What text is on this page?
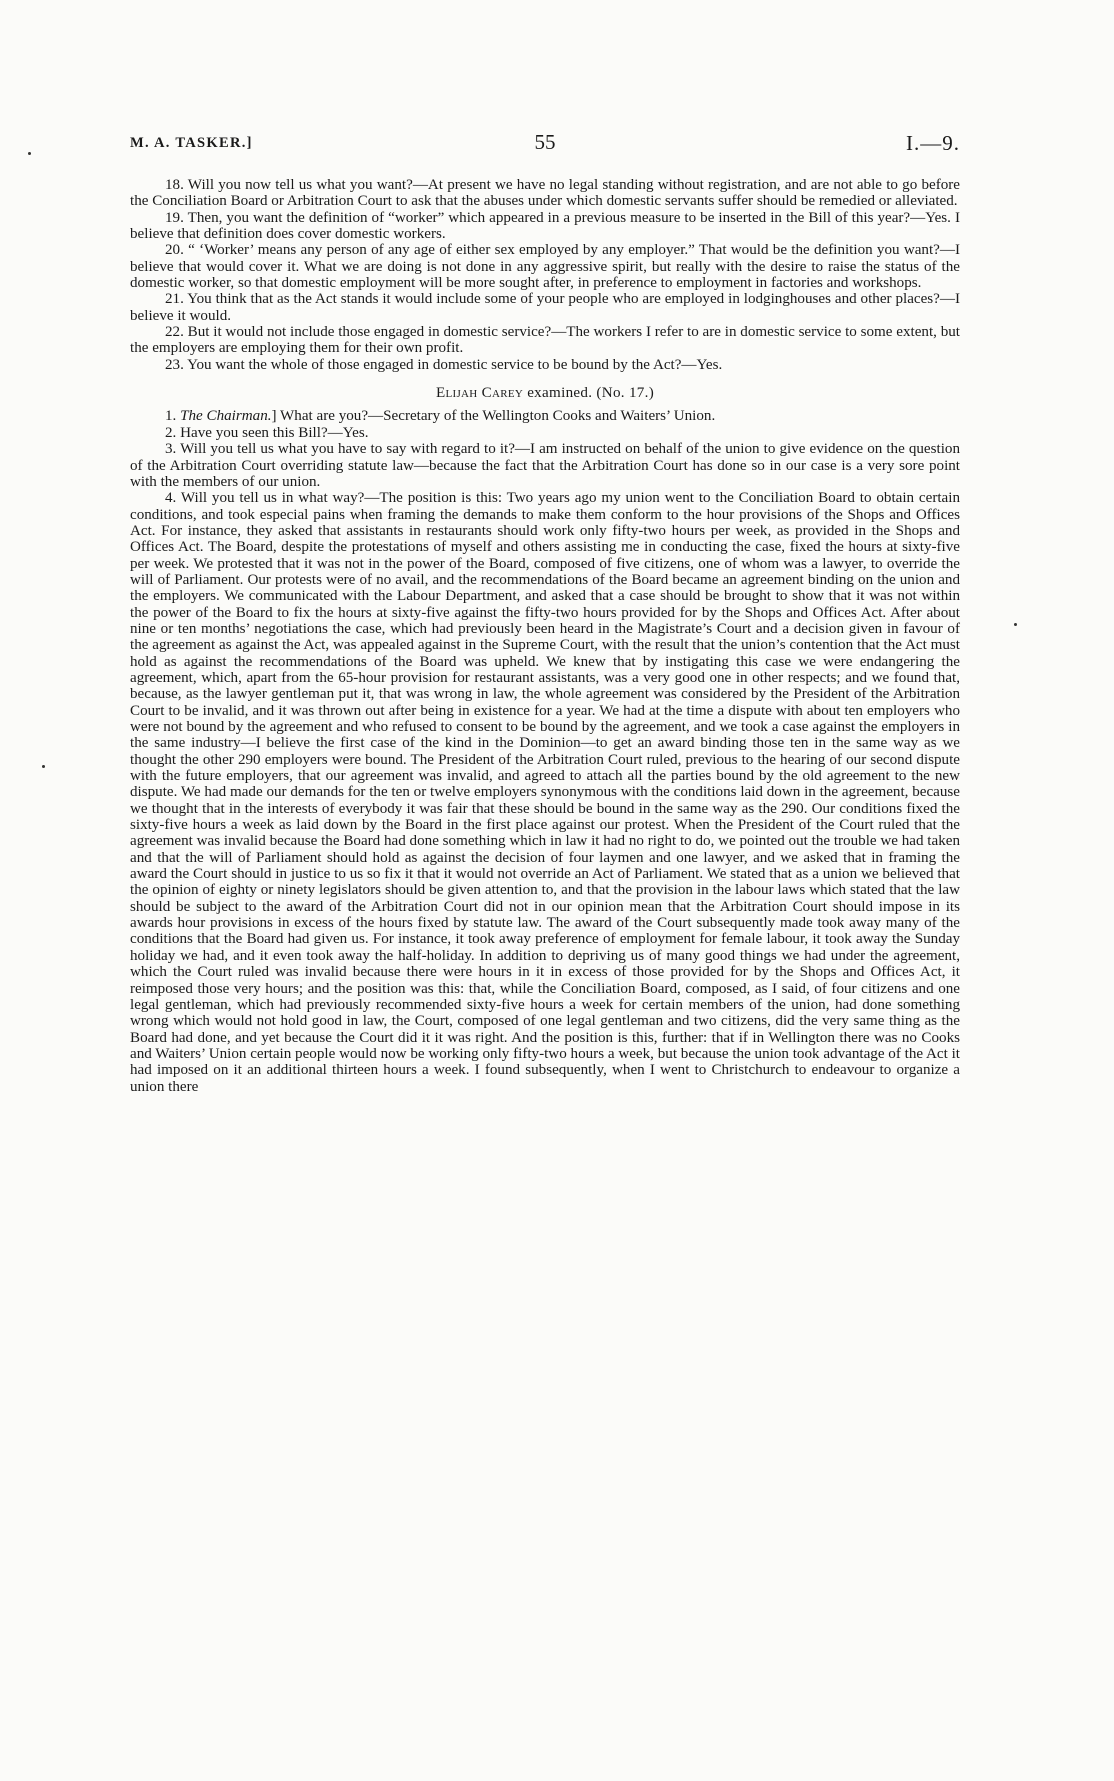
M. A. TASKER.]	55	I.—9.

18. Will you now tell us what you want?—At present we have no legal standing without registration, and are not able to go before the Conciliation Board or Arbitration Court to ask that the abuses under which domestic servants suffer should be remedied or alleviated.

19. Then, you want the definition of “worker” which appeared in a previous measure to be inserted in the Bill of this year?—Yes. I believe that definition does cover domestic workers.

20. “ ‘Worker’ means any person of any age of either sex employed by any employer.” That would be the definition you want?—I believe that would cover it. What we are doing is not done in any aggressive spirit, but really with the desire to raise the status of the domestic worker, so that domestic employment will be more sought after, in preference to employment in factories and workshops.

21. You think that as the Act stands it would include some of your people who are employed in lodginghouses and other places?—I believe it would.

22. But it would not include those engaged in domestic service?—The workers I refer to are in domestic service to some extent, but the employers are employing them for their own profit.

23. You want the whole of those engaged in domestic service to be bound by the Act?—Yes.

Elijah Carey examined. (No. 17.)

1. The Chairman.] What are you?—Secretary of the Wellington Cooks and Waiters’ Union.

2. Have you seen this Bill?—Yes.

3. Will you tell us what you have to say with regard to it?—I am instructed on behalf of the union to give evidence on the question of the Arbitration Court overriding statute law—because the fact that the Arbitration Court has done so in our case is a very sore point with the members of our union.

4. Will you tell us in what way?—The position is this: Two years ago my union went to the Conciliation Board to obtain certain conditions, and took especial pains when framing the demands to make them conform to the hour provisions of the Shops and Offices Act. For instance, they asked that assistants in restaurants should work only fifty-two hours per week, as provided in the Shops and Offices Act. The Board, despite the protestations of myself and others assisting me in conducting the case, fixed the hours at sixty-five per week. We protested that it was not in the power of the Board, composed of five citizens, one of whom was a lawyer, to override the will of Parliament. Our protests were of no avail, and the recommendations of the Board became an agreement binding on the union and the employers. We communicated with the Labour Department, and asked that a case should be brought to show that it was not within the power of the Board to fix the hours at sixty-five against the fifty-two hours provided for by the Shops and Offices Act. After about nine or ten months’ negotiations the case, which had previously been heard in the Magistrate’s Court and a decision given in favour of the agreement as against the Act, was appealed against in the Supreme Court, with the result that the union’s contention that the Act must hold as against the recommendations of the Board was upheld. We knew that by instigating this case we were endangering the agreement, which, apart from the 65-hour provision for restaurant assistants, was a very good one in other respects; and we found that, because, as the lawyer gentleman put it, that was wrong in law, the whole agreement was considered by the President of the Arbitration Court to be invalid, and it was thrown out after being in existence for a year. We had at the time a dispute with about ten employers who were not bound by the agreement and who refused to consent to be bound by the agreement, and we took a case against the employers in the same industry—I believe the first case of the kind in the Dominion—to get an award binding those ten in the same way as we thought the other 290 employers were bound. The President of the Arbitration Court ruled, previous to the hearing of our second dispute with the future employers, that our agreement was invalid, and agreed to attach all the parties bound by the old agreement to the new dispute. We had made our demands for the ten or twelve employers synonymous with the conditions laid down in the agreement, because we thought that in the interests of everybody it was fair that these should be bound in the same way as the 290. Our conditions fixed the sixty-five hours a week as laid down by the Board in the first place against our protest. When the President of the Court ruled that the agreement was invalid because the Board had done something which in law it had no right to do, we pointed out the trouble we had taken and that the will of Parliament should hold as against the decision of four laymen and one lawyer, and we asked that in framing the award the Court should in justice to us so fix it that it would not override an Act of Parliament. We stated that as a union we believed that the opinion of eighty or ninety legislators should be given attention to, and that the provision in the labour laws which stated that the law should be subject to the award of the Arbitration Court did not in our opinion mean that the Arbitration Court should impose in its awards hour provisions in excess of the hours fixed by statute law. The award of the Court subsequently made took away many of the conditions that the Board had given us. For instance, it took away preference of employment for female labour, it took away the Sunday holiday we had, and it even took away the half-holiday. In addition to depriving us of many good things we had under the agreement, which the Court ruled was invalid because there were hours in it in excess of those provided for by the Shops and Offices Act, it reimposed those very hours; and the position was this: that, while the Conciliation Board, composed, as I said, of four citizens and one legal gentleman, which had previously recommended sixty-five hours a week for certain members of the union, had done something wrong which would not hold good in law, the Court, composed of one legal gentleman and two citizens, did the very same thing as the Board had done, and yet because the Court did it it was right. And the position is this, further: that if in Wellington there was no Cooks and Waiters’ Union certain people would now be working only fifty-two hours a week, but because the union took advantage of the Act it had imposed on it an additional thirteen hours a week. I found subsequently, when I went to Christchurch to endeavour to organize a union there
